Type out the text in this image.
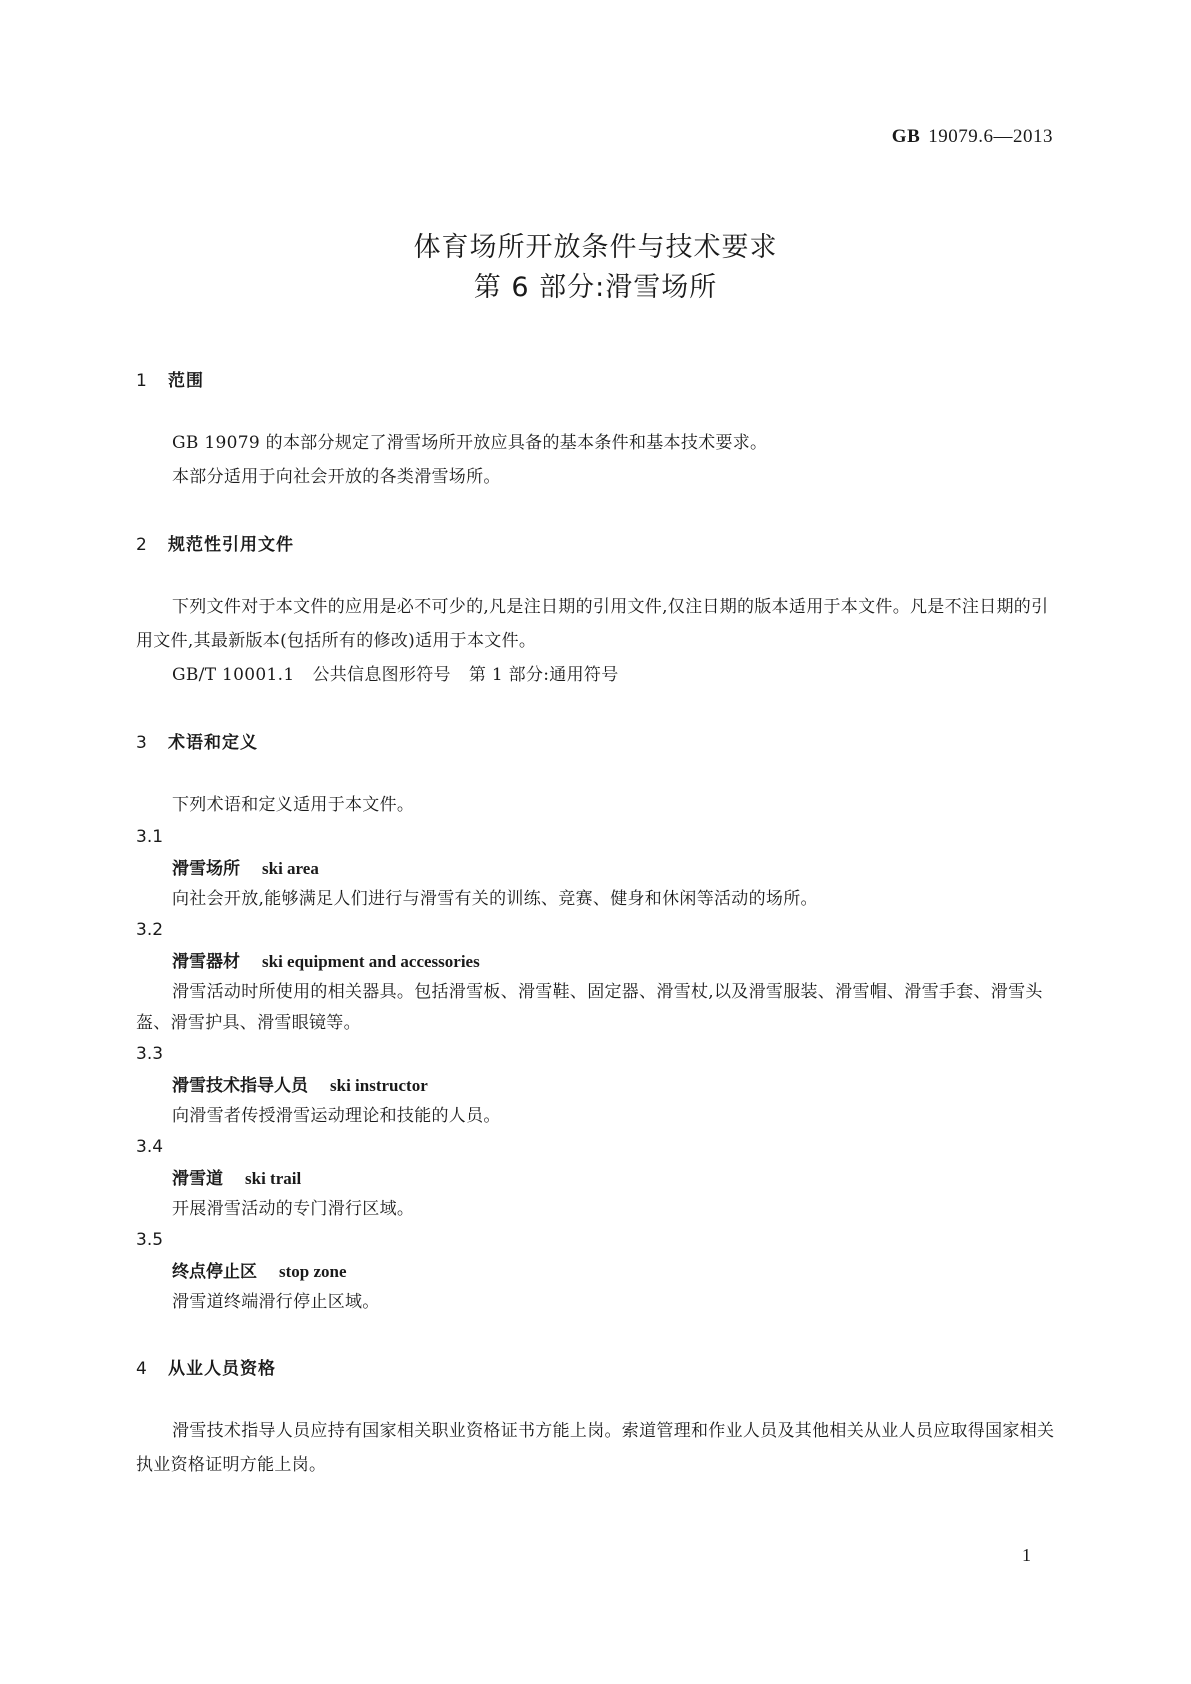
GB 19079.6—2013
体育场所开放条件与技术要求
第 6 部分:滑雪场所
1 范围

GB 19079 的本部分规定了滑雪场所开放应具备的基本条件和基本技术要求。

本部分适用于向社会开放的各类滑雪场所。

2 规范性引用文件

下列文件对于本文件的应用是必不可少的,凡是注日期的引用文件,仅注日期的版本适用于本文件。凡是不注日期的引用文件,其最新版本(包括所有的修改)适用于本文件。

GB/T 10001.1 公共信息图形符号 第 1 部分:通用符号

3 术语和定义

下列术语和定义适用于本文件。

3.1

滑雪场所 ski area

向社会开放,能够满足人们进行与滑雪有关的训练、竞赛、健身和休闲等活动的场所。

3.2

滑雪器材 ski equipment and accessories

滑雪活动时所使用的相关器具。包括滑雪板、滑雪鞋、固定器、滑雪杖,以及滑雪服装、滑雪帽、滑雪手套、滑雪头盔、滑雪护具、滑雪眼镜等。

3.3

滑雪技术指导人员 ski instructor

向滑雪者传授滑雪运动理论和技能的人员。

3.4

滑雪道 ski trail

开展滑雪活动的专门滑行区域。

3.5

终点停止区 stop zone

滑雪道终端滑行停止区域。

4 从业人员资格

滑雪技术指导人员应持有国家相关职业资格证书方能上岗。索道管理和作业人员及其他相关从业人员应取得国家相关执业资格证明方能上岗。

1
